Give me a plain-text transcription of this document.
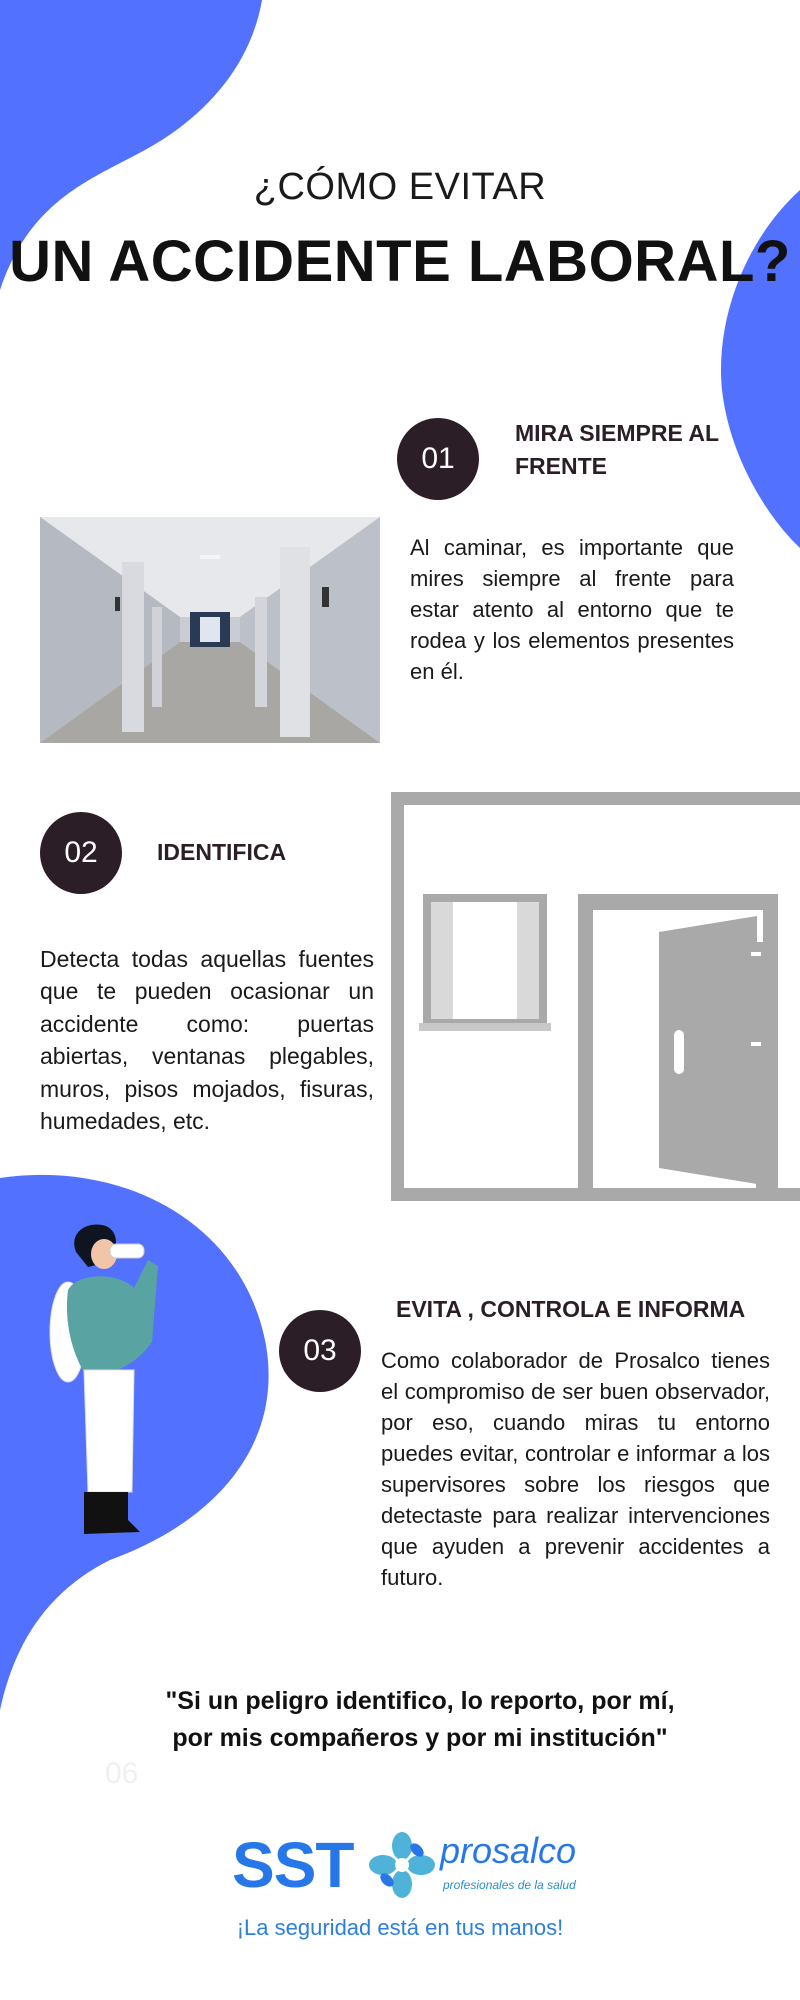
¿CÓMO EVITAR
UN ACCIDENTE LABORAL?
01
MIRA SIEMPRE AL
FRENTE
Al caminar, es importante que mires siempre al frente para estar atento al entorno que te rodea y los elementos presentes en él.
02	IDENTIFICA
Detecta todas aquellas fuentes que te pueden ocasionar un accidente como: puertas abiertas, ventanas plegables, muros, pisos mojados, fisuras, humedades, etc.
03
EVITA , CONTROLA E INFORMA
Como colaborador de Prosalco tienes el compromiso de ser buen observador, por eso, cuando miras tu entorno puedes evitar, controlar e informar a los supervisores sobre los riesgos que detectaste para realizar intervenciones que ayuden a prevenir accidentes a futuro.
"Si un peligro identifico, lo reporto, por mí,
por mis compañeros y por mi institución"
06
SST prosalco
profesionales de la salud
¡La seguridad está en tus manos!
